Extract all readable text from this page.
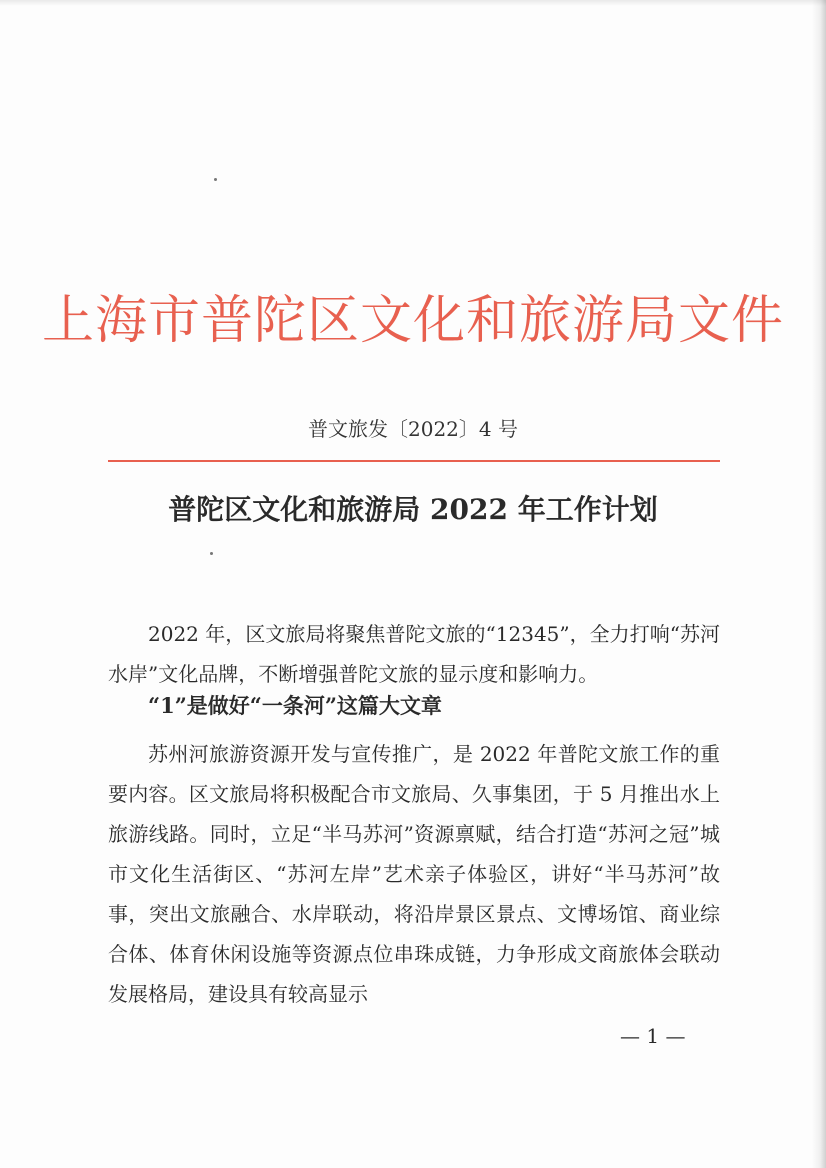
上海市普陀区文化和旅游局文件
普文旅发〔2022〕4 号
普陀区文化和旅游局 2022 年工作计划
2022 年，区文旅局将聚焦普陀文旅的“12345”，全力打响“苏河水岸”文化品牌，不断增强普陀文旅的显示度和影响力。
“1”是做好“一条河”这篇大文章
苏州河旅游资源开发与宣传推广，是 2022 年普陀文旅工作的重要内容。区文旅局将积极配合市文旅局、久事集团，于 5 月推出水上旅游线路。同时，立足“半马苏河”资源禀赋，结合打造“苏河之冠”城市文化生活街区、“苏河左岸”艺术亲子体验区，讲好“半马苏河”故事，突出文旅融合、水岸联动，将沿岸景区景点、文博场馆、商业综合体、体育休闲设施等资源点位串珠成链，力争形成文商旅体会联动发展格局，建设具有较高显示
— 1 —
